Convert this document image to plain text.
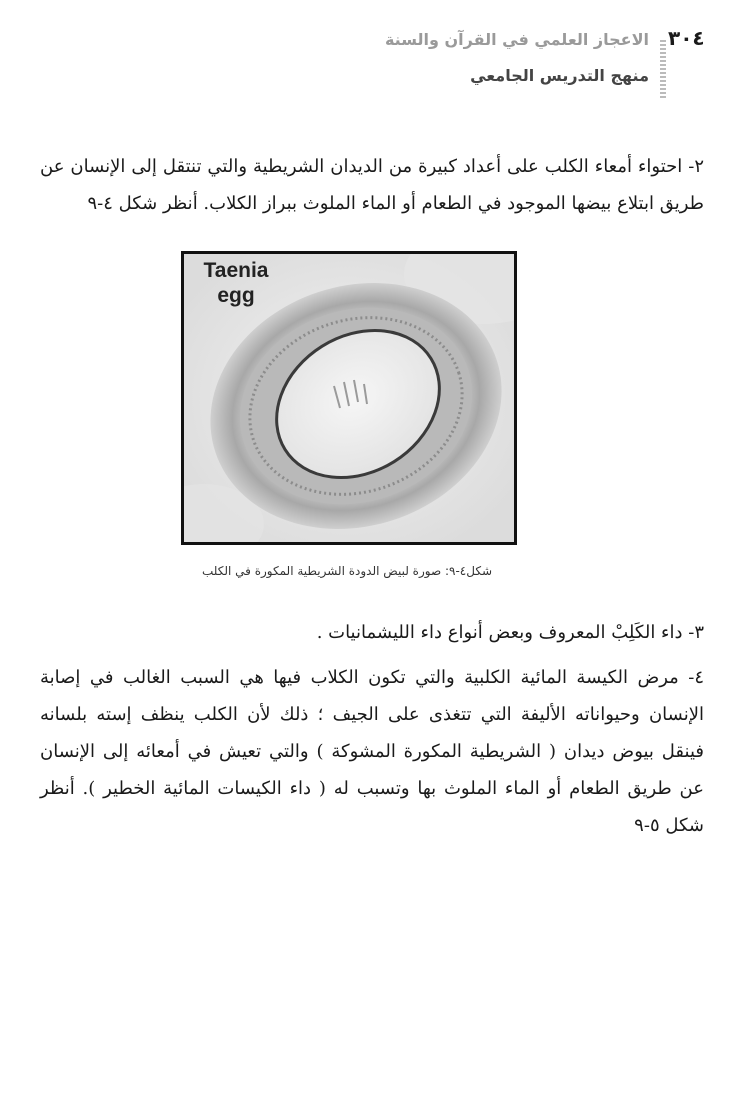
٣٠٤
الاعجاز العلمي في القرآن والسنة
منهج التدريس الجامعي
٢- احتواء أمعاء الكلب على أعداد كبيرة من الديدان الشريطية والتي تنتقل إلى الإنسان عن طريق ابتلاع بيضها الموجود في الطعام أو الماء الملوث ببراز الكلاب. أنظر شكل ٤-٩
Taenia
egg
شكل٤-٩: صورة لبيض الدودة الشريطية المكورة في الكلب
٣- داء الكَلِبْ المعروف وبعض أنواع داء الليشمانيات .
٤- مرض الكيسة المائية الكلبية والتي تكون الكلاب فيها هي السبب الغالب في إصابة الإنسان وحيواناته الأليفة التي تتغذى على الجيف ؛ ذلك لأن الكلب ينظف إسته بلسانه فينقل بيوض ديدان ( الشريطية المكورة المشوكة ) والتي تعيش في أمعائه إلى الإنسان عن طريق الطعام أو الماء الملوث بها وتسبب له ( داء الكيسات المائية الخطير ). أنظر شكل ٥-٩
